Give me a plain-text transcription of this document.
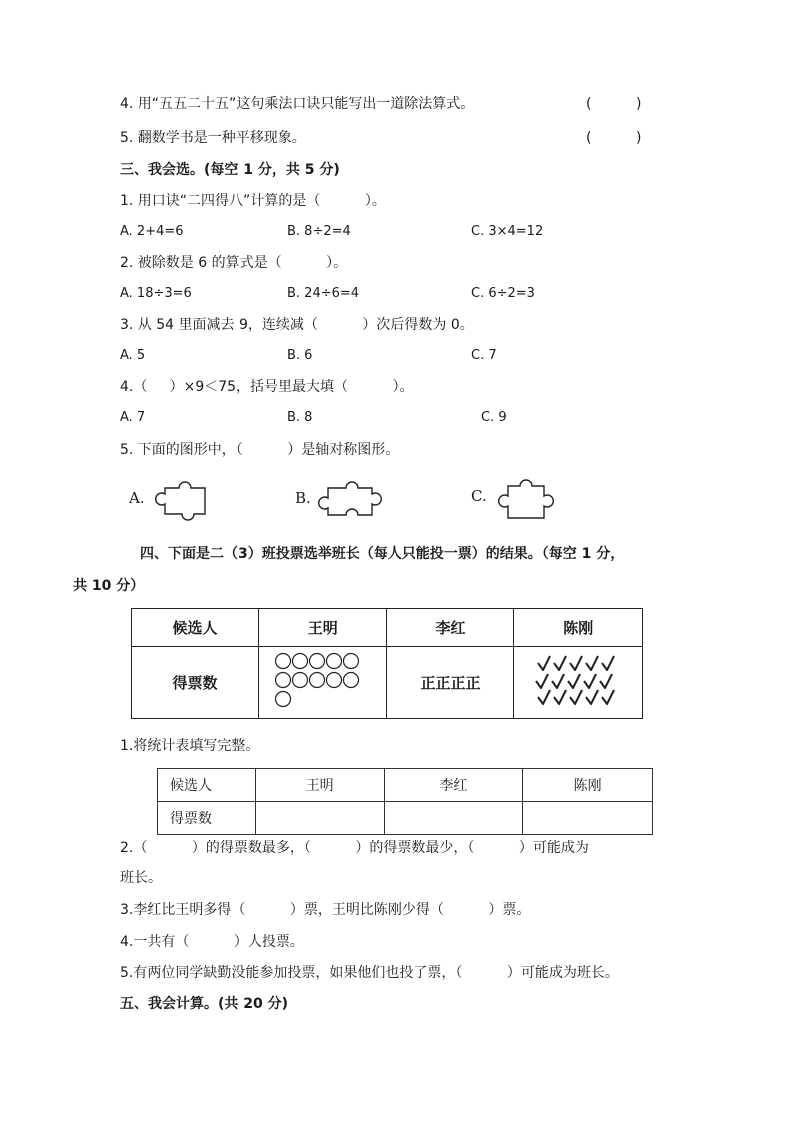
4. 用“五五二十五”这句乘法口诀只能写出一道除法算式。	(          )
5. 翻数学书是一种平移现象。	(          )
三、我会选。(每空 1 分，共 5 分)
1. 用口诀“二四得八”计算的是（          ）。
A. 2+4=6	B. 8÷2=4	C. 3×4=12
2. 被除数是 6 的算式是（          ）。
A. 18÷3=6	B. 24÷6=4	C. 6÷2=3
3. 从 54 里面减去 9，连续减（          ）次后得数为 0。
A. 5	B. 6	C. 7
4.（     ）×9＜75，括号里最大填（          ）。
A. 7	B. 8	C. 9
5. 下面的图形中，（          ）是轴对称图形。
A.	B.	C.
四、下面是二（3）班投票选举班长（每人只能投一票）的结果。（每空 1 分，
共 10 分）
候选人	王明	李红	陈刚
得票数		正正正正	
1.将统计表填写完整。
候选人	王明	李红	陈刚
得票数			
2.（          ）的得票数最多，（          ）的得票数最少，（          ）可能成为
班长。
3.李红比王明多得（          ）票，王明比陈刚少得（          ）票。
4.一共有（          ）人投票。
5.有两位同学缺勤没能参加投票，如果他们也投了票，（          ）可能成为班长。
五、我会计算。(共 20 分)
